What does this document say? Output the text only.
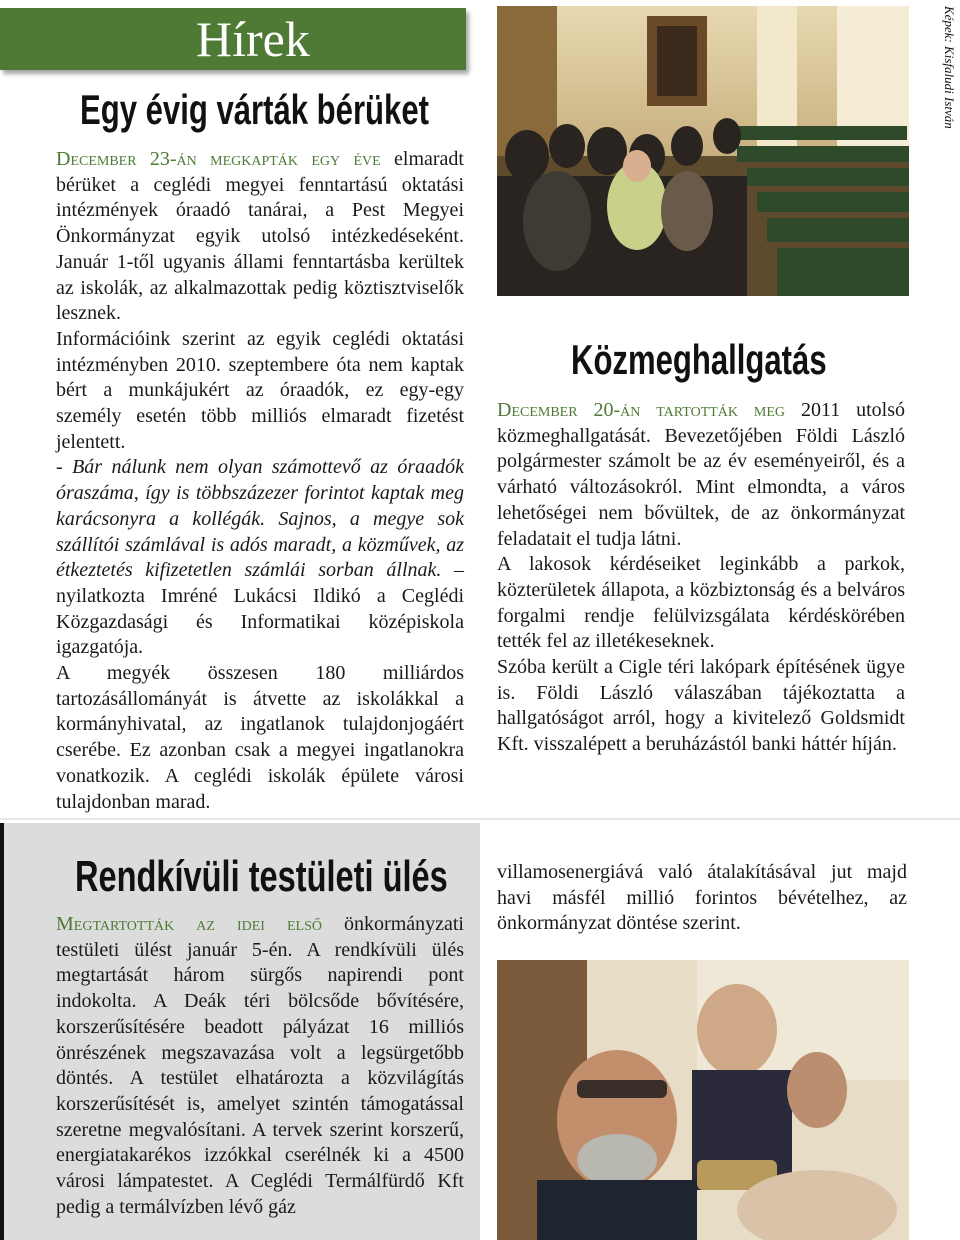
Hírek
Egy évig várták bérüket

December 23-án megkapták egy éve elmaradt bérüket a ceglédi megyei fenntartású oktatási intézmények óraadó tanárai, a Pest Megyei Önkormányzat egyik utolsó intézkedéseként. Január 1-től ugyanis állami fenntartásba kerültek az iskolák, az alkalmazottak pedig köztisztviselők lesznek.

Információink szerint az egyik ceglédi oktatási intézményben 2010. szeptembere óta nem kaptak bért a munkájukért az óraadók, ez egy-egy személy esetén több milliós elmaradt fizetést jelentett.

- Bár nálunk nem olyan számottevő az óraadók óraszáma, így is többszázezer forintot kaptak meg karácsonyra a kollégák. Sajnos, a megye sok szállítói számlával is adós maradt, a közművek, az étkeztetés kifizetetlen számlái sorban állnak. – nyilatkozta Imréné Lukácsi Ildikó a Ceglédi Közgazdasági és Informatikai középiskola igazgatója.

A megyék összesen 180 milliárdos tartozásállományát is átvette az iskolákkal a kormányhivatal, az ingatlanok tulajdonjogáért cserébe. Ez azonban csak a megyei ingatlanokra vonatkozik. A ceglédi iskolák épülete városi tulajdonban marad.

Képek: Kisfaludi István
Közmeghallgatás

December 20-án tartották meg 2011 utolsó közmeghallgatását. Bevezetőjében Földi László polgármester számolt be az év eseményeiről, és a várható változásokról. Mint elmondta, a város lehetőségei nem bővültek, de az önkormányzat feladatait el tudja látni.

A lakosok kérdéseiket leginkább a parkok, közterületek állapota, a közbiztonság és a belváros forgalmi rendje felülvizsgálata kérdéskörében tették fel az illetékeseknek.

Szóba került a Cigle téri lakópark építésének ügye is. Földi László válaszában tájékoztatta a hallgatóságot arról, hogy a kivitelező Goldsmidt Kft. visszalépett a beruházástól banki háttér híján.

Rendkívüli testületi ülés

Megtartották az idei első önkormányzati testületi ülést január 5-én. A rendkívüli ülés megtartását három sürgős napirendi pont indokolta. A Deák téri bölcsőde bővítésére, korszerűsítésére beadott pályázat 16 milliós önrészének megszavazása volt a legsürgetőbb döntés. A testület elhatározta a közvilágítás korszerűsítését is, amelyet szintén támogatással szeretne megvalósítani. A tervek szerint korszerű, energiatakarékos izzókkal cserélnék ki a 4500 városi lámpatestet. A Ceglédi Termálfürdő Kft pedig a termálvízben lévő gáz

villamosenergiává való átalakításával jut majd havi másfél millió forintos bévételhez, az önkormányzat döntése szerint.
